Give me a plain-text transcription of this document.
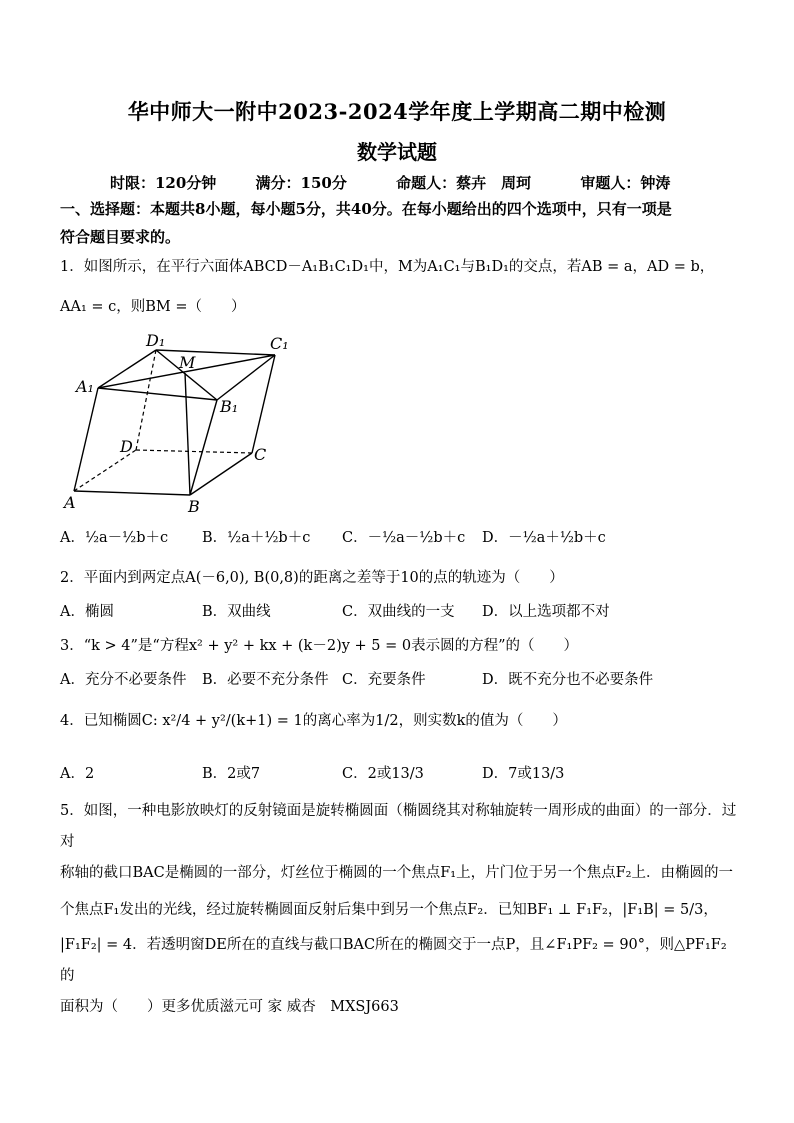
华中师大一附中2023-2024学年度上学期高二期中检测
数学试题
时限：120分钟	满分：150分	命题人：蔡卉　周珂	审题人：钟涛
一、选择题：本题共8小题，每小题5分，共40分。在每小题给出的四个选项中，只有一项是
符合题目要求的。
1．如图所示，在平行六面体ABCD－A₁B₁C₁D₁中，M为A₁C₁与B₁D₁的交点，若AB = a，AD = b，
AA₁ = c，则BM =（　　）
D₁
M
C₁
A₁
B₁
D	C
A	B
A．½a－½b＋c B．½a＋½b＋c C．－½a－½b＋c D．－½a＋½b＋c
2．平面内到两定点A(－6,0), B(0,8)的距离之差等于10的点的轨迹为（　　）
A．椭圆	B．双曲线	C．双曲线的一支 D．以上选项都不对
3．“k > 4”是“方程x² + y² + kx + (k－2)y + 5 = 0表示圆的方程”的（　　）
A．充分不必要条件 B．必要不充分条件 C．充要条件	D．既不充分也不必要条件
4．已知椭圆C: x²/4 + y²/(k+1) = 1的离心率为1/2，则实数k的值为（　　）
A．2	B．2或7	C．2或13/3	D．7或13/3
5．如图，一种电影放映灯的反射镜面是旋转椭圆面（椭圆绕其对称轴旋转一周形成的曲面）的一部分．过对
称轴的截口BAC是椭圆的一部分，灯丝位于椭圆的一个焦点F₁上，片门位于另一个焦点F₂上．由椭圆的一
个焦点F₁发出的光线，经过旋转椭圆面反射后集中到另一个焦点F₂．已知BF₁ ⊥ F₁F₂，|F₁B| = 5/3，
|F₁F₂| = 4．若透明窗DE所在的直线与截口BAC所在的椭圆交于一点P，且∠F₁PF₂ = 90°，则△PF₁F₂的
面积为（　　）更多优质滋元可 家 威杏　MXSJ663
